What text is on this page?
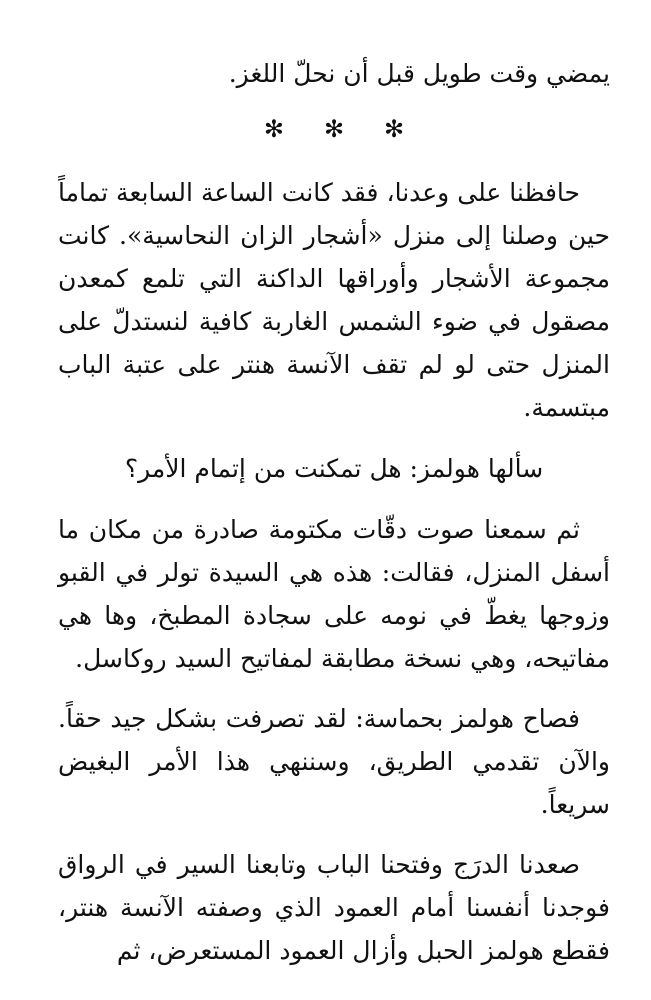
يمضي وقت طويل قبل أن نحلّ اللغز.

✻✻✻

حافظنا على وعدنا، فقد كانت الساعة السابعة تماماً حين وصلنا إلى منزل «أشجار الزان النحاسية». كانت مجموعة الأشجار وأوراقها الداكنة التي تلمع كمعدن مصقول في ضوء الشمس الغاربة كافية لنستدلّ على المنزل حتى لو لم تقف الآنسة هنتر على عتبة الباب مبتسمة.

سألها هولمز: هل تمكنت من إتمام الأمر؟

ثم سمعنا صوت دقّات مكتومة صادرة من مكان ما أسفل المنزل، فقالت: هذه هي السيدة تولر في القبو وزوجها يغطّ في نومه على سجادة المطبخ، وها هي مفاتيحه، وهي نسخة مطابقة لمفاتيح السيد روكاسل.

فصاح هولمز بحماسة: لقد تصرفت بشكل جيد حقاً. والآن تقدمي الطريق، وسننهي هذا الأمر البغيض سريعاً.

صعدنا الدرَج وفتحنا الباب وتابعنا السير في الرواق فوجدنا أنفسنا أمام العمود الذي وصفته الآنسة هنتر، فقطع هولمز الحبل وأزال العمود المستعرض، ثم
